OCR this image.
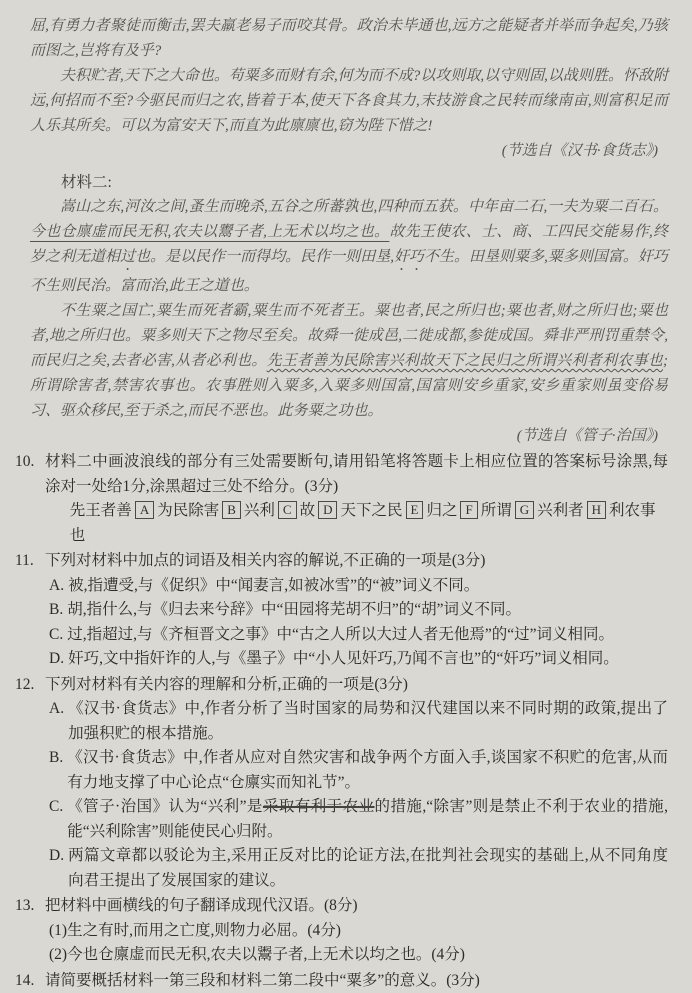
屈,有勇力者聚徒而衡击,罢夫羸老易子而咬其骨。政治未毕通也,远方之能疑者并举而争起矣,乃骇而图之,岂将有及乎?

夫积贮者,天下之大命也。苟粟多而财有余,何为而不成?以攻则取,以守则固,以战则胜。怀敌附远,何招而不至?今驱民而归之农,皆着于本,使天下各食其力,末技游食之民转而缘南亩,则富积足而人乐其所矣。可以为富安天下,而直为此廪廪也,窃为陛下惜之!

(节选自《汉书·食货志》)

材料二:

嵩山之东,河汝之间,蚤生而晚杀,五谷之所蕃孰也,四种而五获。中年亩二石,一夫为粟二百石。今也仓廪虚而民无积,农夫以鬻子者,上无术以均之也。故先王使农、士、商、工四民交能易作,终岁之利无道相过也。是以民作一而得均。民作一则田垦,奸巧不生。田垦则粟多,粟多则国富。奸巧不生则民治。富而治,此王之道也。

不生粟之国亡,粟生而死者霸,粟生而不死者王。粟也者,民之所归也;粟也者,财之所归也;粟也者,地之所归也。粟多则天下之物尽至矣。故舜一徙成邑,二徙成都,参徙成国。舜非严刑罚重禁令,而民归之矣,去者必害,从者必利也。先王者善为民除害兴利故天下之民归之所谓兴利者利农事也;所谓除害者,禁害农事也。农事胜则入粟多,入粟多则国富,国富则安乡重家,安乡重家则虽变俗易习、驱众移民,至于杀之,而民不恶也。此务粟之功也。

(节选自《管子·治国》)

10. 材料二中画波浪线的部分有三处需要断句,请用铅笔将答题卡上相应位置的答案标号涂黑,每涂对一处给1分,涂黑超过三处不给分。(3分)

先王者善 A 为民除害 B 兴利 C 故 D 天下之民 E 归之 F 所谓 G 兴利者 H 利农事也

11. 下列对材料中加点的词语及相关内容的解说,不正确的一项是(3分)

A. 被,指遭受,与《促织》中“闻妻言,如被冰雪”的“被”词义不同。

B. 胡,指什么,与《归去来兮辞》中“田园将芜胡不归”的“胡”词义不同。

C. 过,指超过,与《齐桓晋文之事》中“古之人所以大过人者无他焉”的“过”词义相同。

D. 奸巧,文中指奸诈的人,与《墨子》中“小人见奸巧,乃闻不言也”的“奸巧”词义相同。

12. 下列对材料有关内容的理解和分析,正确的一项是(3分)

A. 《汉书·食货志》中,作者分析了当时国家的局势和汉代建国以来不同时期的政策,提出了加强积贮的根本措施。

B. 《汉书·食货志》中,作者从应对自然灾害和战争两个方面入手,谈国家不积贮的危害,从而有力地支撑了中心论点“仓廪实而知礼节”。

C. 《管子·治国》认为“兴利”是采取有利于农业的措施,“除害”则是禁止不利于农业的措施,能“兴利除害”则能使民心归附。

D. 两篇文章都以驳论为主,采用正反对比的论证方法,在批判社会现实的基础上,从不同角度向君王提出了发展国家的建议。

13. 把材料中画横线的句子翻译成现代汉语。(8分)

(1)生之有时,而用之亡度,则物力必屈。(4分)

(2)今也仓廪虚而民无积,农夫以鬻子者,上无术以均之也。(4分)

14. 请简要概括材料一第三段和材料二第二段中“粟多”的意义。(3分)
